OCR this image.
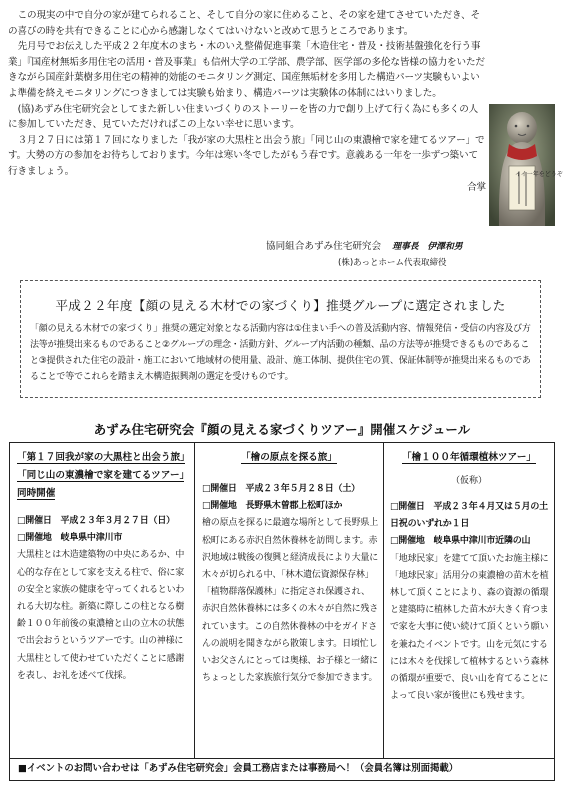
この現実の中で自分の家が建てられること、そして自分の家に住めること、その家を建てさせていただき、その喜びの時を共有できることに心から感謝しなくてはいけないと改めて思うところであります。

先月号でお伝えした平成２２年度木のまち・木のいえ整備促進事業「木造住宅・普及・技術基盤強化を行う事業」『国産材無垢多用住宅の活用・普及事業』も信州大学の工学部、農学部、医学部の多伦な皆様の協力をいただきながら国産針葉樹多用住宅の精神的効能のモニタリング測定、国産無垢材を多用した構造パーツ実験もいよいよ準備を終えモニタリングにつきましては実験も始まり、構造パーツは実験体の体制にはいりました。

(協)あずみ住宅研究会としてまた新しい住まいづくりのストーリーを皆の力で創り上げて行く為にも多くの人に参加していただき、見ていただければこの上ない幸せに思います。

３月２７日には第１７回になりました「我が家の大黒柱と出会う旅」「同じ山の東濃檜で家を建てるツアー」です。大勢の方の参加をお待ちしております。今年は寒い冬でしたがもう春です。意義ある一年を一歩ずつ築いて行きましょう。

合掌

イイ一年をどうぞ
協同組合あずみ住宅研究会 理事長　伊澤和男
(株)あっとホーム代表取締役
平成２２年度【顔の見える木材での家づくり】推奨グループに選定されました
「顔の見える木材での家づくり」推奨の選定対象となる活動内容は①住まい手への普及活動内容、情報発信・受信の内容及び方法等が推奨出来るものであること②グループの理念・活動方針、グループ内活動の種類、品の方法等が推奨できるものであること③提供された住宅の設計・施工において地域材の使用量、設計、施工体制、提供住宅の質、保証体制等が推奨出来るものであることで等でこれらを踏まえ木構造振興剤の選定を受けものです。
あずみ住宅研究会『顔の見える家づくりツアー』開催スケジュール
「第１７回我が家の大黒柱と出会う旅」「同じ山の東濃檜で家を建てるツアー」同時開催
□開催日 平成２３年３月２７日（日）
□開催地 岐阜県中津川市
大黒柱とは木造建築物の中央にあるか、中心的な存在として家を支える柱で、俗に家の安全と家族の健康を守ってくれるといわれる大切な柱。新築に際しこの柱となる樹齢１００年前後の東濃檜と山の立木の状態で出会おうというツアーです。山の神様に大黒柱として使わせていただくことに感謝を表し、お礼を述べて伐採。
「檜の原点を探る旅」
□開催日 平成２３年５月２８日（土）
□開催地 長野県木曽郡上松町ほか
檜の原点を探るに最適な場所として長野県上松町にある赤沢自然休養林を訪問します。赤沢地域は戦後の復興と経済成長により大量に木々が切られる中、「林木遺伝資源保存林」「植物群落保護林」に指定され保護され、赤沢自然休養林には多くの木々が自然に残されています。この自然休養林の中をガイドさんの説明を聞きながら散策します。日頃忙しいお父さんにとっては奥様、お子様と一緒にちょっとした家族旅行気分で参加できます。
「檜１００年循環植林ツアー」
（仮称）
□開催日 平成２３年４月又は５月の土日祝のいずれか１日
□開催地 岐阜県中津川市近隣の山
「地球民家」を建てて頂いたお施主様に「地球民家」活用分の東濃檜の苗木を植林して頂くことにより、森の資源の循環と建築時に植林した苗木が大きく育つまで家を大事に使い続けて頂くという願いを兼ねたイベントです。山を元気にするには木々を伐採して植林するという森林の循環が重要で、良い山を育てることによって良い家が後世にも残せます。
■イベントのお問い合わせは「あずみ住宅研究会」会員工務店または事務局へ！（会員名簿は別面掲載）
